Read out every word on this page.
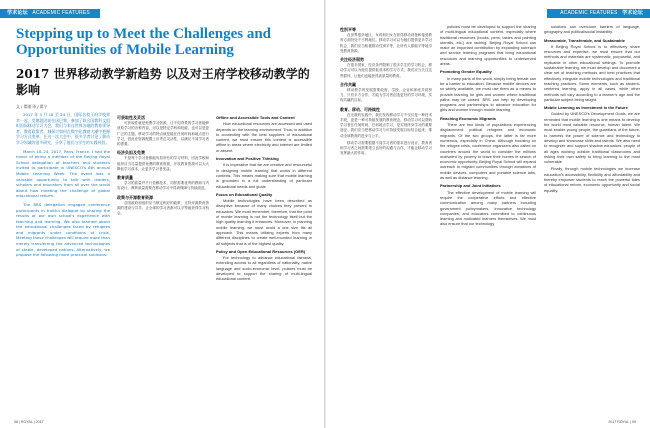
学术论坛 ACADEMIC FEATURES
Stepping up to Meet the Challenges and Opportunities of Mobile Learning
2017 世界移动教学新趋势 以及对王府学校移动教学的影响
文 / 翟瑾 译 / 翟宁

2017 年 3 月 18 至 24 日，国际名校王府学校荣幸一起，受邀派团前往国巴黎，参加了联合国教科文组织国际移动学习大会，我们与来自世界各地的教育领导者、教育政策者，城探讨如何在数字化教育大潮中把握学习方式变革。在这一次大会中，很多学者讨论了移动学习领域的很多研究，分享了他们与学生的实践经验。

March 18–24, 2017, Paris, France. I had the honor of being a member of the Beijing Royal School delegation of teachers and students invited to participate in UNESCO's 8th annual Mobile Learning Week. The event was a valuable opportunity to talk with leaders, scholars and educators from all over the world about how meeting the challenge of global educational reform.

The BRS delegation engaged conference participants in fruitful dialogue by sharing the results of our own school's experience with teaching and learning. We also learned about the educational challenges faced by refugees and migrants under conditions of crisis. Meeting these challenges will require more than merely transferring the advanced technologies of stable, developed nations. Alternatively, we propose the following more practical solutions:

可获取性及灵活

可获取性就是免费学习资源，让不同背景的学习者能够获取学习的各种内容，可以是特定学科和技能，也可以是更广泛的主题。移动学习的特点就是能在任何时间和地点进行学习，因此在资源配置上应考虑灵活性，以满足不同学习者的需要。

经济负担及免费

不是每个学习者都能负担所有的学习材料，因此学校和组织应当尽量提供免费的教育资源，开放教育资源可以大大降低学习成本，让更多学习者受益。

教育质量

学习的质量并不只依赖技术，同样需要优秀的教师与内容设计，教育质量需要在移动学习中得到保障与持续改进。

政策与开源教育资源

各国政府和组织应当制定相应的政策，支持开源教育资源的建设与共享，让全球的学习者都可以平等地获得学习机会。

Offline and Accessible Tools and Content

How educational resources are accessed and used depends on the learning environment. Thus, in addition to connecting with the best suppliers of educational content, we must ensure this content is accessible offline in areas where electricity and internet are limited or absent.

Innovation and Positive Thinking

It is imperative that we are creative and resourceful in designing mobile learning that works in different contexts. This means making sure that mobile learning is grounded in a full understanding of particular educational needs and goals.

Focus on Educational Quality

Mobile technologies have been described as disruptive because of many choices they present to educators. We must remember, therefore, that the point of mobile learning is not the technology itself but the high quality learning it enhances. Moreover, in planning mobile learning, we must avoid a one size fits all approach. This means utilizing experts from many different disciplines to create well-rounded learning in all subjects that is of the highest quality.

Policy and Open Educational Resources (OER)

For technology to advance educational fairness, extending access to all regardless of nationality, native language and socio-economic level, policies must be developed to support the sharing of multi-lingual educational content.

58 | ROYAL | 2017
ACADEMIC FEATURES 学术论坛
性别平等

在世界很多地区，女孩和妇女在获得移动设备和接受教育方面仍处于不利地位。移动学习可以为她们提供更多学习机会，我们应当积极推动性别平等，让所有人都能平等地享受教育资源。

关注经济弱势

在很多国家，经济条件限制了很多学生的学习机会，移动学习可以为他们提供低成本的学习方式，我们应当关注这些群体，让他们也能获得高质量的教育。

合作共赢

移动教学的发展需要政府、学校、企业和家庭共同努力，只有多方合作，才能为学习者创造更好的学习环境，实现共赢的目标。

教育、移动、可持续性

在无数的实践中，我们发现移动学习不仅仅是一种技术手段，更是一种可持续发展的教育理念。移动学习可以帮助学习者在任何时间、任何地点学习，是实现终身学习的重要途径。我们应当把移动学习与可持续发展目标结合起来，推动全球教育的进步与公平。

移动学习需要根据不同学习者的需求进行设计，教育者和学习者之间需要建立良好的沟通与合作，才能让移动学习发挥最大的作用。

policies must be developed to support the sharing of multi-lingual educational content, especially where traditional resources (books, pens, tables and painting utensils, etc.) are lacking. Beijing Royal School can make an important contribution by expanding outreach and service learning programs that bring educational resources and learning opportunities to underserved areas.

Promoting Gender Equality

In many parts of the world, simply being female can be a barrier to education. Because mobile devices are so widely available, we must use them as a means to provide learning for girls and women where traditional paths may be closed. BRS can help by developing programs and partnerships to advance education for girls and women through mobile learning.

Reaching Economic Migrants

There are two kinds of populations experiencing displacement: political refugees and economic migrants. Of the two groups, the latter is far more numerous, especially in China. Although focusing on the refugee crisis, conference organizers also called on countries around the world to consider the millions motivated by poverty to leave their homes in search of economic opportunity. Beijing Royal School will expand outreach to migrant communities through donations of mobile devices, computers and portable science labs, as well as distance learning.

Partnership and Joint Initiatives

The effective development of mobile learning will require the cooperative efforts and effective communication among many partners including government policymakers, innovative technology companies, and educators committed to continuous learning and motivated learners themselves. We must also ensure that our technology

solutions can overcome barriers of language, geography and political/social instability.

Measurable, Transferable, and Sustainable

If Beijing Royal School is to effectively share resources and expertise, we must ensure that our methods and materials are systematic, purposeful, and replicable in other educational settings. To promote sustainable learning, we must develop and document a clear set of teaching methods and best practices that effectively integrate mobile technologies and traditional teaching practices. Some elements, such as student-centered learning, apply in all cases, while other methods will vary according to a learner's age and the particular subject being taught.

Mobile Learning as Investment in the Future

Guided by UNESCO's Development Goals, we are reminded that mobile learning is one means to develop the world most valuable resource, human talent. We must enable young people, the guardians of the future, to harness the power of science and technology to develop and showcase skills and talents. We also need to recognize and support shadow educators, people of all ages working outside traditional classrooms and risking their own safety to bring learning to the most vulnerable.

Finally, through mobile technologies we increase education's accessibility, flexibility and affordability and thereby empower students to reach the powerful tides of educational reform, economic opportunity and social equality.

2017 ROYAL | 59
